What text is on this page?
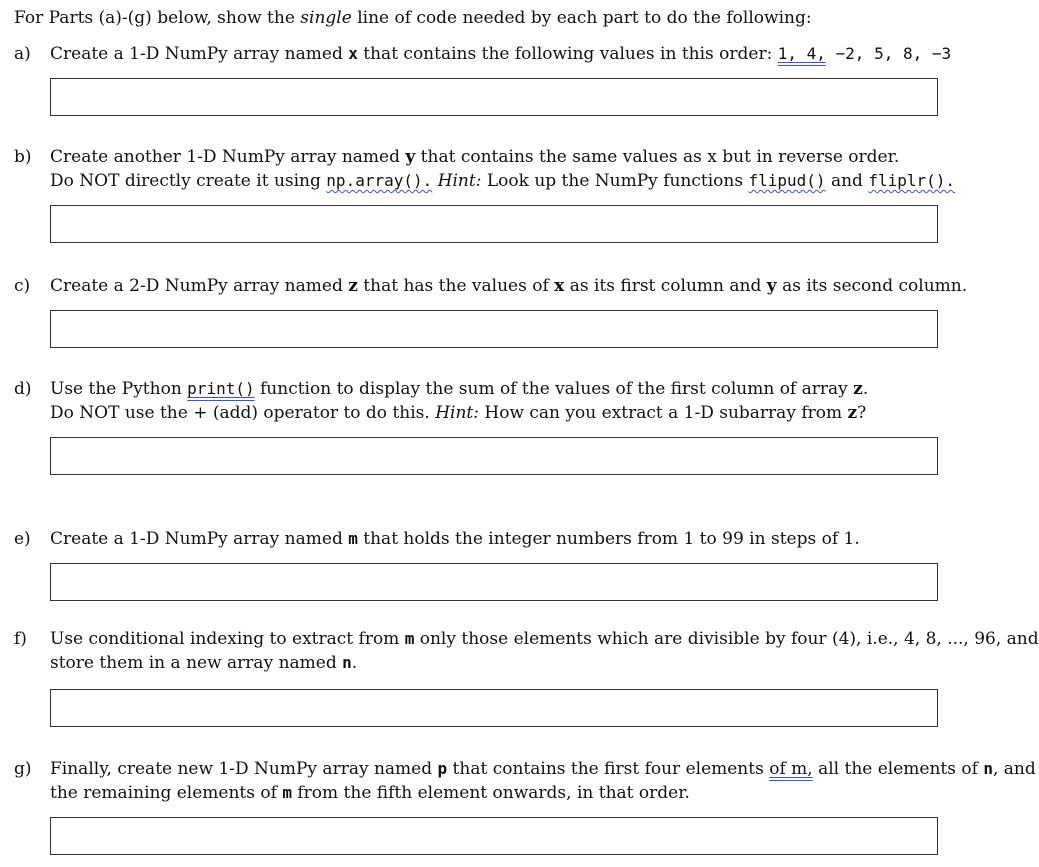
For Parts (a)-(g) below, show the single line of code needed by each part to do the following:
a)	Create a 1-D NumPy array named x that contains the following values in this order: 1, 4, −2, 5, 8, −3
b)	Create another 1-D NumPy array named y that contains the same values as x but in reverse order.
Do NOT directly create it using np.array(). Hint: Look up the NumPy functions flipud() and fliplr().
c)	Create a 2-D NumPy array named z that has the values of x as its first column and y as its second column.
d)	Use the Python print() function to display the sum of the values of the first column of array z.
Do NOT use the + (add) operator to do this. Hint: How can you extract a 1-D subarray from z?
e)	Create a 1-D NumPy array named m that holds the integer numbers from 1 to 99 in steps of 1.
f)	Use conditional indexing to extract from m only those elements which are divisible by four (4), i.e., 4, 8, ..., 96, and
store them in a new array named n.
g)	Finally, create new 1-D NumPy array named p that contains the first four elements of m, all the elements of n, and
the remaining elements of m from the fifth element onwards, in that order.
